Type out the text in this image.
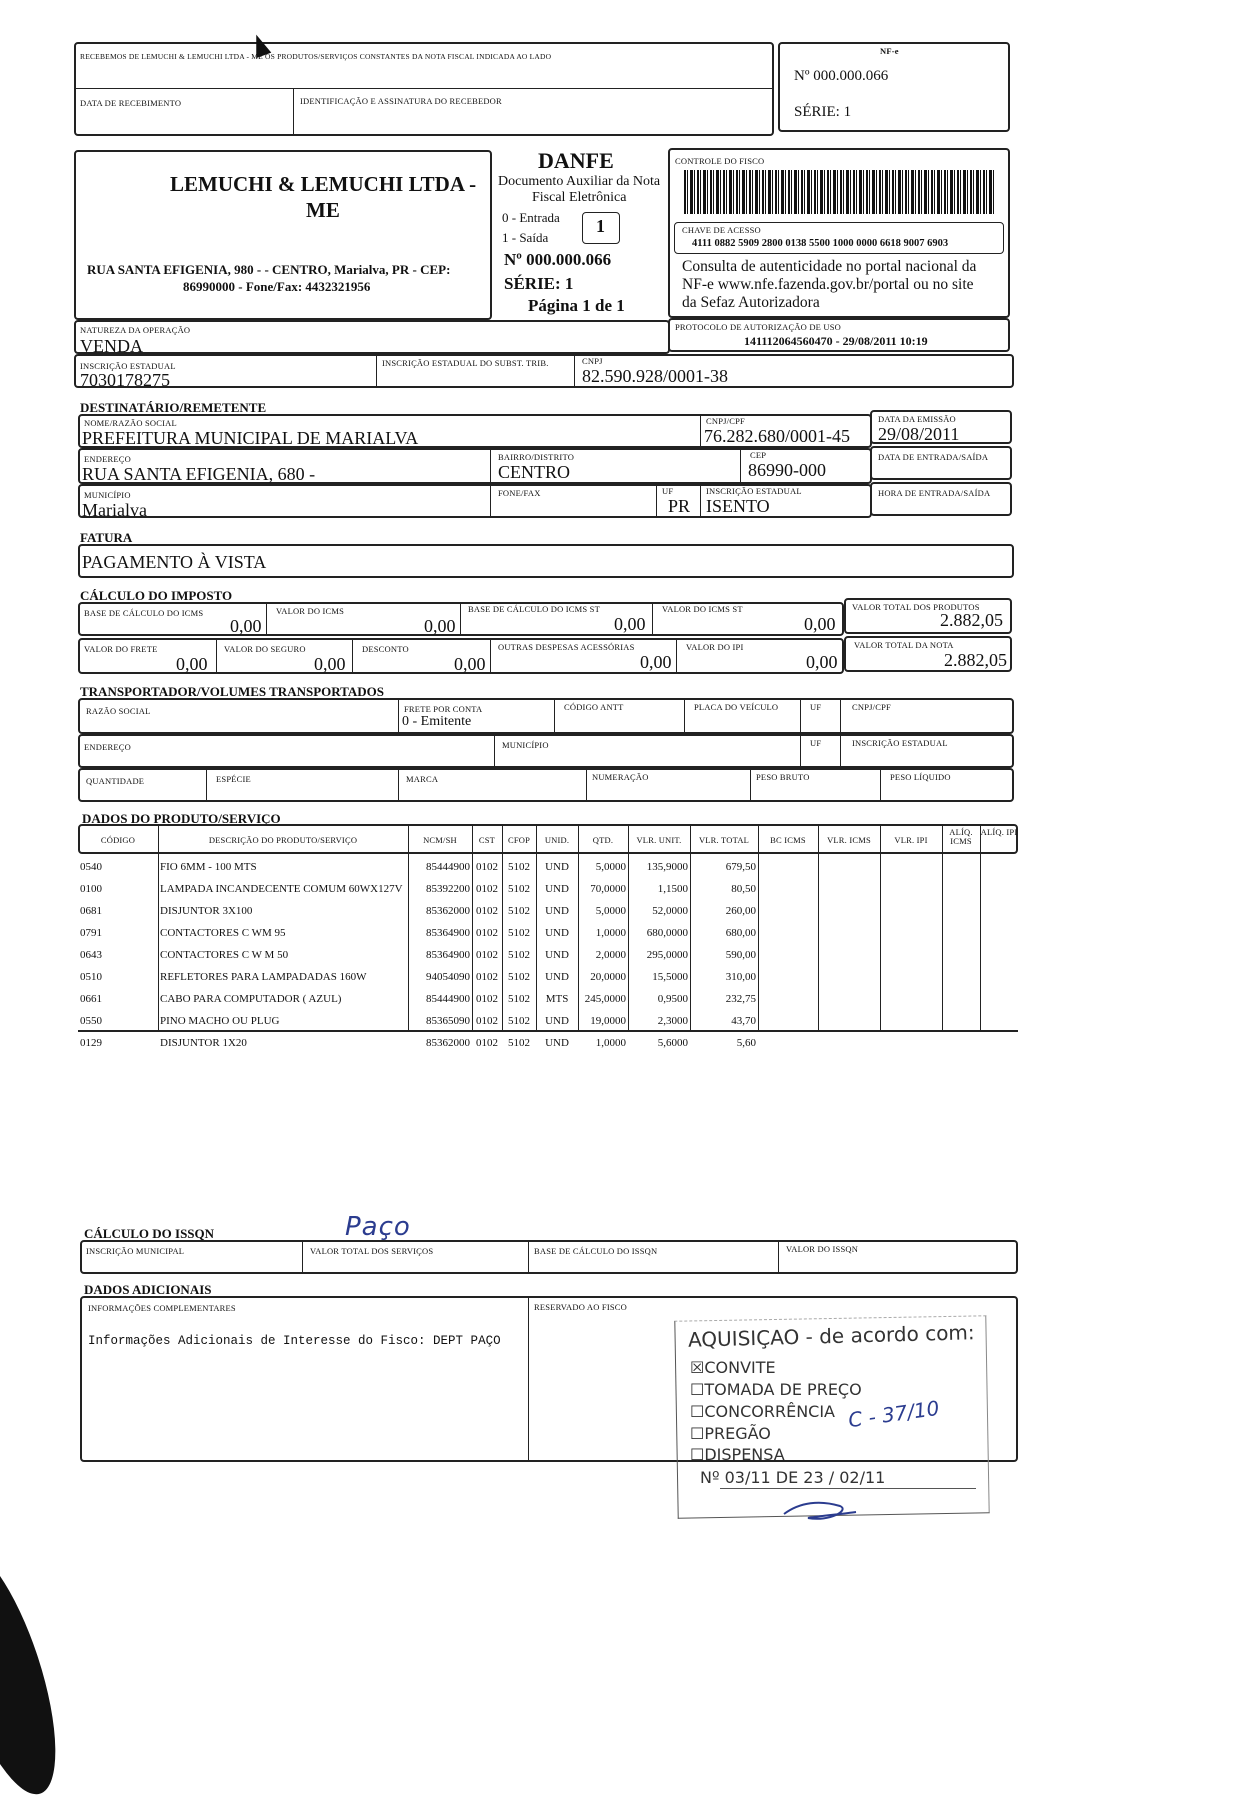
RECEBEMOS DE LEMUCHI & LEMUCHI LTDA - ME OS PRODUTOS/SERVIÇOS CONSTANTES DA NOTA FISCAL INDICADA AO LADO
DATA DE RECEBIMENTO	IDENTIFICAÇÃO E ASSINATURA DO RECEBEDOR
NF-e
Nº 000.000.066
SÉRIE: 1
LEMUCHI & LEMUCHI LTDA -
ME
RUA SANTA EFIGENIA, 980 - - CENTRO, Marialva, PR - CEP:
86990000 - Fone/Fax: 4432321956
DANFE
Documento Auxiliar da Nota
Fiscal Eletrônica
0 - Entrada
1 - Saída
1
Nº 000.000.066
SÉRIE: 1
Página 1 de 1
CONTROLE DO FISCO
CHAVE DE ACESSO
4111 0882 5909 2800 0138 5500 1000 0000 6618 9007 6903
Consulta de autenticidade no portal nacional da
NF-e www.nfe.fazenda.gov.br/portal ou no site
da Sefaz Autorizadora
NATUREZA DA OPERAÇÃO
VENDA
PROTOCOLO DE AUTORIZAÇÃO DE USO
141112064560470 - 29/08/2011 10:19
INSCRIÇÃO ESTADUAL
7030178275
INSCRIÇÃO ESTADUAL DO SUBST. TRIB.	CNPJ
82.590.928/0001-38
DESTINATÁRIO/REMETENTE
NOME/RAZÃO SOCIAL
PREFEITURA MUNICIPAL DE MARIALVA
CNPJ/CPF
76.282.680/0001-45
DATA DA EMISSÃO
29/08/2011
ENDEREÇO
RUA SANTA EFIGENIA, 680 -
BAIRRO/DISTRITO
CENTRO
CEP
86990-000
DATA DE ENTRADA/SAÍDA
MUNICÍPIO
Marialva
FONE/FAX	UF
PR
INSCRIÇÃO ESTADUAL
ISENTO
HORA DE ENTRADA/SAÍDA
FATURA
PAGAMENTO À VISTA
CÁLCULO DO IMPOSTO
BASE DE CÁLCULO DO ICMS
0,00
VALOR DO ICMS
0,00
BASE DE CÁLCULO DO ICMS ST
0,00
VALOR DO ICMS ST
0,00
VALOR TOTAL DOS PRODUTOS
2.882,05
VALOR DO FRETE
0,00
VALOR DO SEGURO
0,00
DESCONTO
0,00
OUTRAS DESPESAS ACESSÓRIAS
0,00
VALOR DO IPI
0,00
VALOR TOTAL DA NOTA
2.882,05
TRANSPORTADOR/VOLUMES TRANSPORTADOS
RAZÃO SOCIAL	FRETE POR CONTA
0 - Emitente
CÓDIGO ANTT	PLACA DO VEÍCULO	UF	CNPJ/CPF
ENDEREÇO	MUNICÍPIO	UF	INSCRIÇÃO ESTADUAL
QUANTIDADE	ESPÉCIE	MARCA	NUMERAÇÃO	PESO BRUTO	PESO LÍQUIDO
DADOS DO PRODUTO/SERVIÇO
CÓDIGO	DESCRIÇÃO DO PRODUTO/SERVIÇO	NCM/SH	CST	CFOP	UNID.	QTD.	VLR. UNIT.	VLR. TOTAL	BC ICMS	VLR. ICMS	VLR. IPI
ALÍQ. ICMS
ALÍQ. IPI
0540	FIO 6MM - 100 MTS	85444900	0102	5102	UND	5,0000	135,9000	679,50					
0100	LAMPADA INCANDECENTE COMUM 60WX127V	85392200	0102	5102	UND	70,0000	1,1500	80,50					
0681	DISJUNTOR 3X100	85362000	0102	5102	UND	5,0000	52,0000	260,00					
0791	CONTACTORES C WM 95	85364900	0102	5102	UND	1,0000	680,0000	680,00					
0643	CONTACTORES C W M 50	85364900	0102	5102	UND	2,0000	295,0000	590,00					
0510	REFLETORES PARA LAMPADADAS 160W	94054090	0102	5102	UND	20,0000	15,5000	310,00					
0661	CABO PARA COMPUTADOR ( AZUL)	85444900	0102	5102	MTS	245,0000	0,9500	232,75					
0550	PINO MACHO OU PLUG	85365090	0102	5102	UND	19,0000	2,3000	43,70					
0129	DISJUNTOR 1X20	85362000	0102	5102	UND	1,0000	5,6000	5,60					
Paço
CÁLCULO DO ISSQN
INSCRIÇÃO MUNICIPAL	VALOR TOTAL DOS SERVIÇOS	BASE DE CÁLCULO DO ISSQN	VALOR DO ISSQN
DADOS ADICIONAIS
INFORMAÇÕES COMPLEMENTARES
Informações Adicionais de Interesse do Fisco: DEPT PAÇO
RESERVADO AO FISCO
AQUISIÇAO - de acordo com:
☒CONVITE
☐TOMADA DE PREÇO
☐CONCORRÊNCIA
☐PREGÃO
☐DISPENSA
C - 37/10
Nº 03/11 DE 23 / 02/11
